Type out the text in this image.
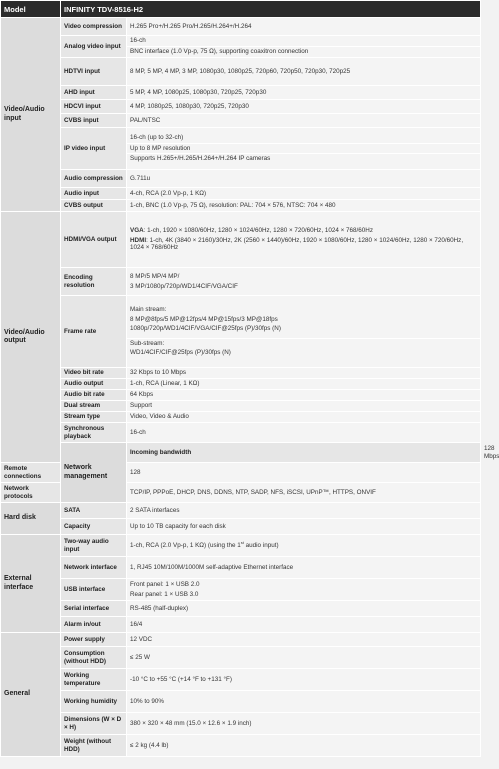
Model	INFINITY TDV-8516-H2		
Video/Audio input	Video compression	H.265 Pro+/H.265 Pro/H.265/H.264+/H.264	
	Analog video input	16-ch
BNC interface (1.0 Vp-p, 75 Ω), supporting coaxitron connection	

	HDTVI input	8 MP, 5 MP, 4 MP, 3 MP, 1080p30, 1080p25, 720p60, 720p50, 720p30, 720p25	
	AHD input	5 MP, 4 MP, 1080p25, 1080p30, 720p25, 720p30	
	HDCVI input	4 MP, 1080p25, 1080p30, 720p25, 720p30	
	CVBS input	PAL/NTSC	
	IP video input	16-ch (up to 32-ch)
Up to 8 MP resolution
Supports H.265+/H.265/H.264+/H.264 IP cameras	

	Audio compression	G.711u	
	Audio input	4-ch, RCA (2.0 Vp-p, 1 KΩ)	
	CVBS output	1-ch, BNC (1.0 Vp-p, 75 Ω), resolution: PAL: 704 × 576, NTSC: 704 × 480	
Video/Audio output	HDMI/VGA output	VGA: 1-ch, 1920 × 1080/60Hz, 1280 × 1024/60Hz, 1280 × 720/60Hz, 1024 × 768/60Hz
HDMI: 1-ch, 4K (3840 × 2160)/30Hz, 2K (2560 × 1440)/60Hz, 1920 × 1080/60Hz, 1280 × 1024/60Hz, 1280 × 720/60Hz, 1024 × 768/60Hz	

	Encoding resolution	8 MP/5 MP/4 MP/
3 MP/1080p/720p/WD1/4CIF/VGA/CIF	

	Frame rate	Main stream:
8 MP@8fps/5 MP@12fps/4 MP@15fps/3 MP@18fps
1080p/720p/WD1/4CIF/VGA/CIF@25fps (P)/30fps (N)
Sub-stream:
WD1/4CIF/CIF@25fps (P)/30fps (N)	

	Video bit rate	32 Kbps to 10 Mbps	
	Audio output	1-ch, RCA (Linear, 1 KΩ)	
	Audio bit rate	64 Kbps	
	Dual stream	Support	
	Stream type	Video, Video & Audio	
	Synchronous playback	16-ch	
	Network management	Incoming bandwidth	128 Mbps
Remote connections		128	
Network protocols		TCP/IP, PPPoE, DHCP, DNS, DDNS, NTP, SADP, NFS, iSCSI, UPnP™, HTTPS, ONVIF	
Hard disk	SATA	2 SATA interfaces	
	Capacity	Up to 10 TB capacity for each disk	
External interface	Two-way audio input	1-ch, RCA (2.0 Vp-p, 1 KΩ) (using the 1st audio input)	
	Network interface	1, RJ45 10M/100M/1000M self-adaptive Ethernet interface	
	USB interface	Front panel: 1 × USB 2.0
Rear panel: 1 × USB 3.0	

	Serial interface	RS-485 (half-duplex)	
	Alarm in/out	16/4	
General	Power supply	12 VDC	
	Consumption (without HDD)	≤ 25 W	
	Working temperature	-10 °C to +55 °C (+14 °F to +131 °F)	
	Working humidity	10% to 90%	
	Dimensions (W × D × H)	380 × 320 × 48 mm (15.0 × 12.6 × 1.9 inch)	
	Weight (without HDD)	≤ 2 kg (4.4 lb)	
